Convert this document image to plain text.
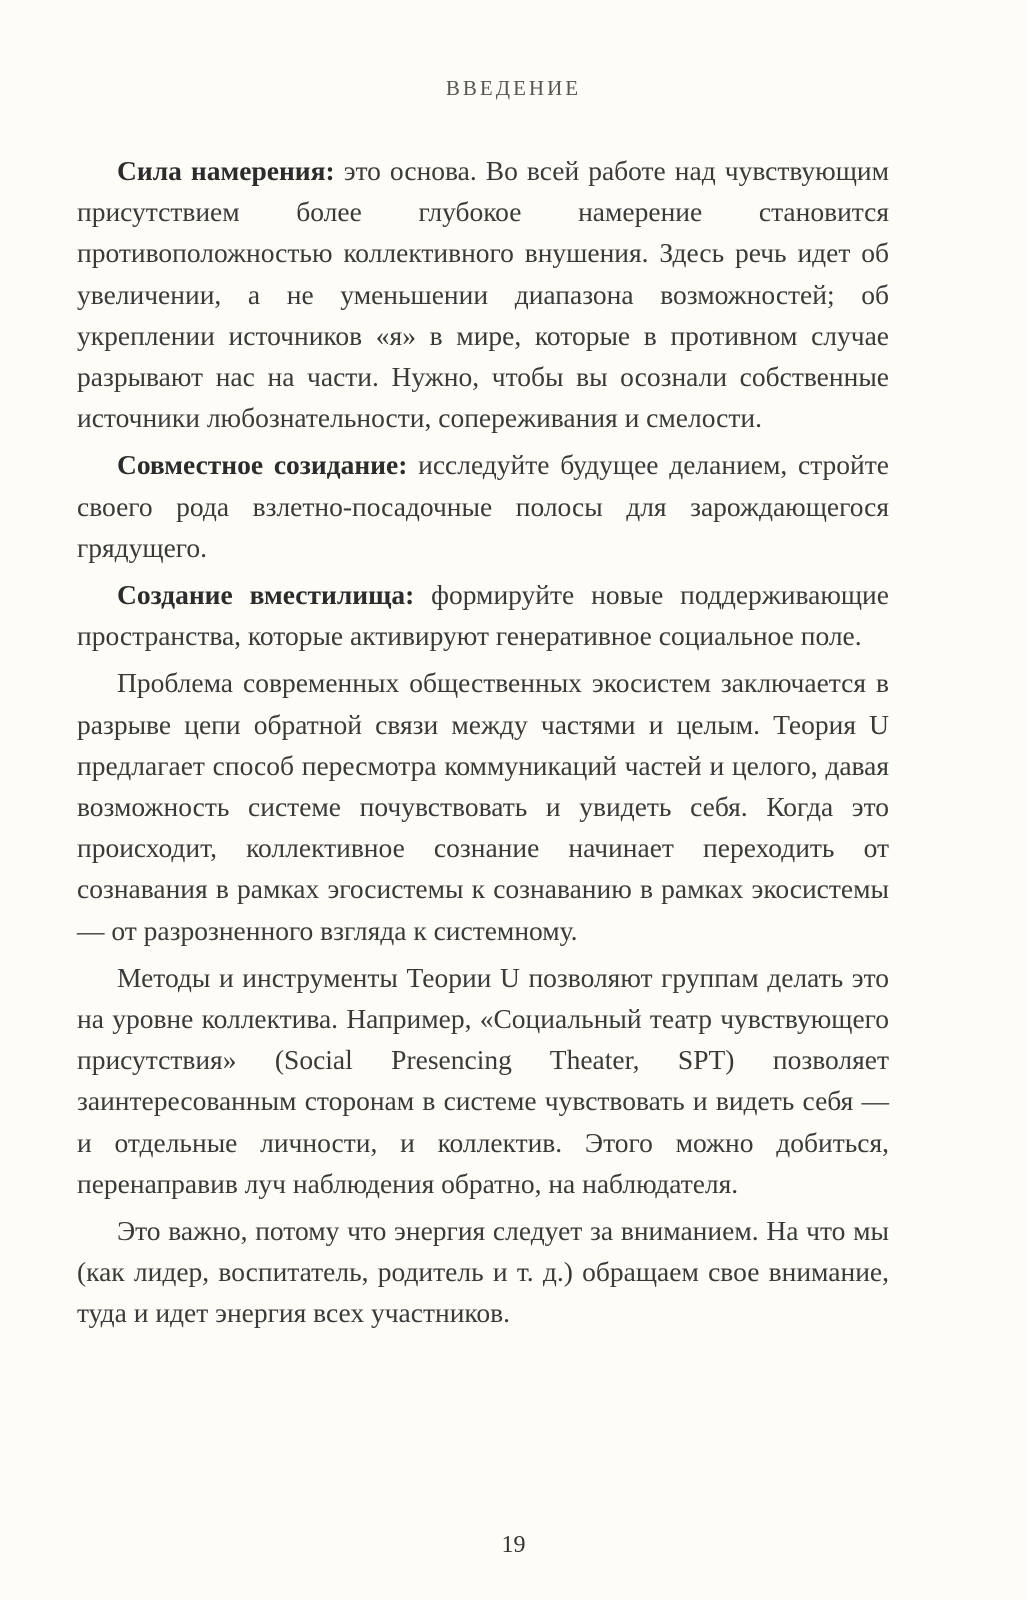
ВВЕДЕНИЕ

Сила намерения: это основа. Во всей работе над чувствующим присутствием более глубокое намерение становится противоположностью коллективного внушения. Здесь речь идет об увеличении, а не уменьшении диапазона возможностей; об укреплении источников «я» в мире, которые в противном случае разрывают нас на части. Нужно, чтобы вы осознали собственные источники любознательности, сопереживания и смелости.

Совместное созидание: исследуйте будущее деланием, стройте своего рода взлетно-посадочные полосы для зарождающегося грядущего.

Создание вместилища: формируйте новые поддерживающие пространства, которые активируют генеративное социальное поле.

Проблема современных общественных экосистем заключается в разрыве цепи обратной связи между частями и целым. Теория U предлагает способ пересмотра коммуникаций частей и целого, давая возможность системе почувствовать и увидеть себя. Когда это происходит, коллективное сознание начинает переходить от сознавания в рамках эгосистемы к сознаванию в рамках экосистемы — от разрозненного взгляда к системному.

Методы и инструменты Теории U позволяют группам делать это на уровне коллектива. Например, «Социальный театр чувствующего присутствия» (Social Presencing Theater, SPT) позволяет заинтересованным сторонам в системе чувствовать и видеть себя — и отдельные личности, и коллектив. Этого можно добиться, перенаправив луч наблюдения обратно, на наблюдателя.

Это важно, потому что энергия следует за вниманием. На что мы (как лидер, воспитатель, родитель и т. д.) обращаем свое внимание, туда и идет энергия всех участников.

19
